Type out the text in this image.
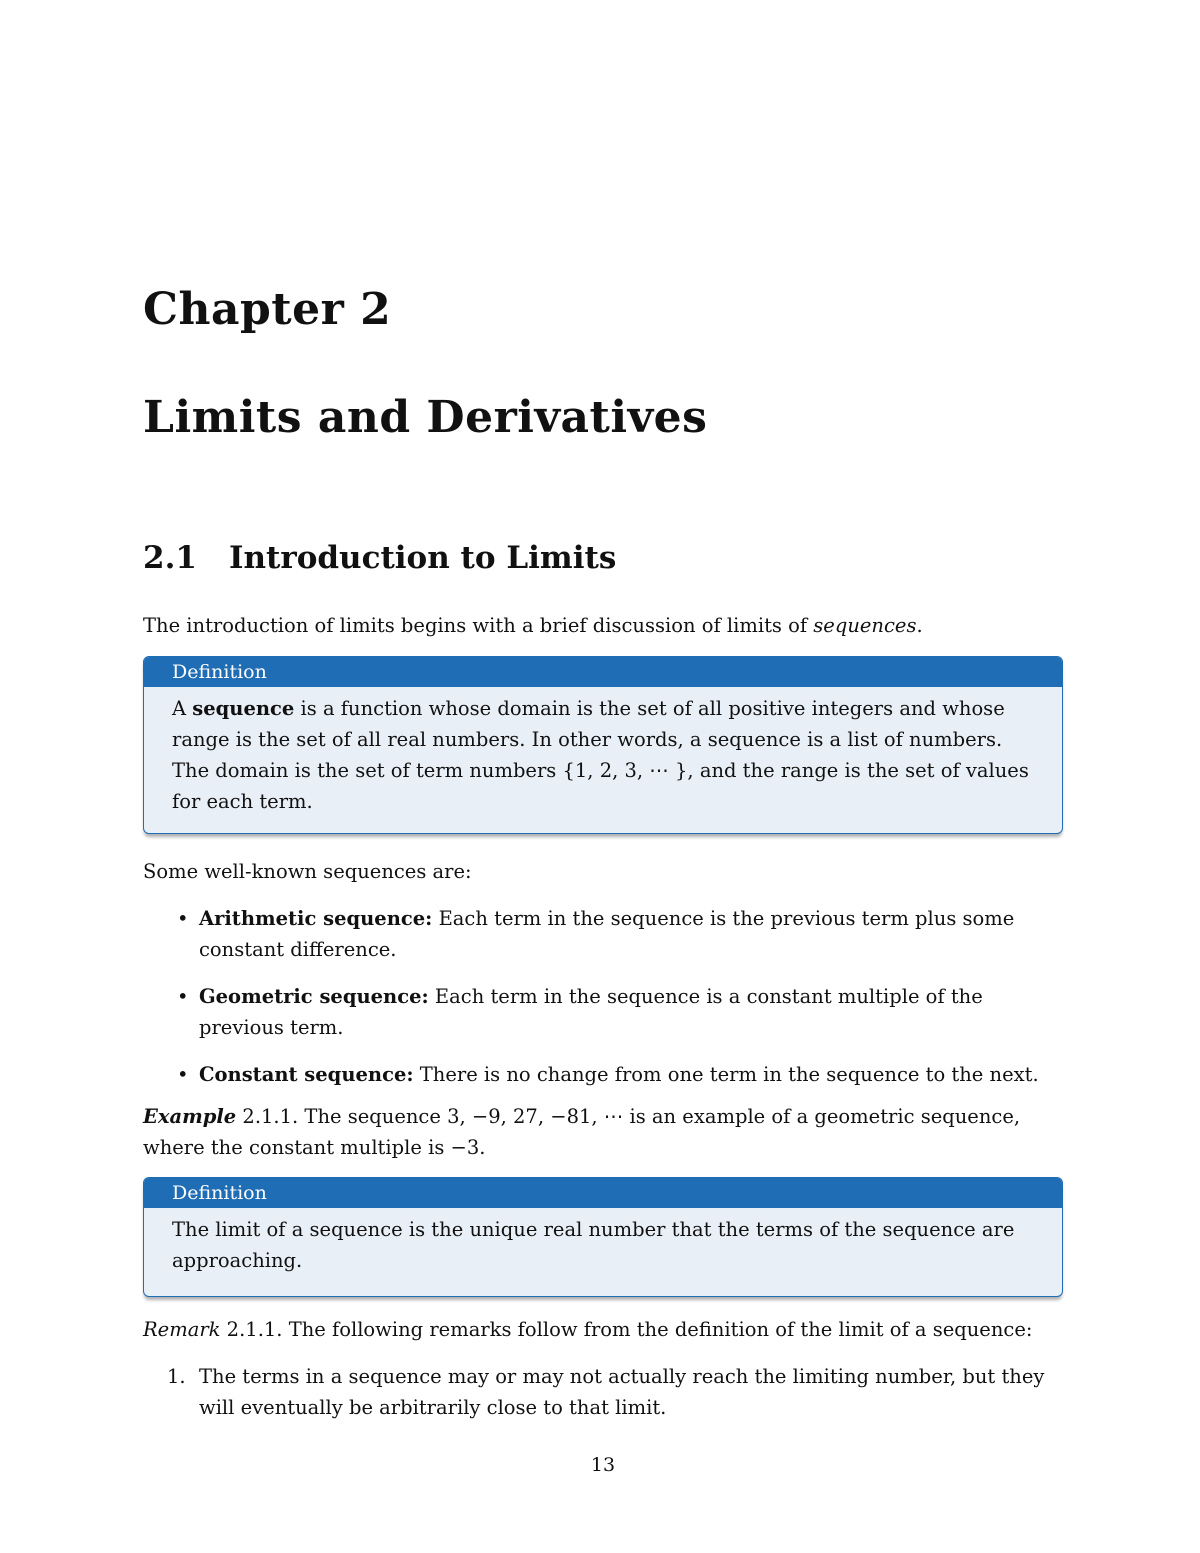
Chapter 2
Limits and Derivatives
2.1 Introduction to Limits
The introduction of limits begins with a brief discussion of limits of sequences.
Definition
A sequence is a function whose domain is the set of all positive integers and whose range is the set of all real numbers. In other words, a sequence is a list of numbers. The domain is the set of term numbers {1, 2, 3, ⋯ }, and the range is the set of values for each term.
Some well-known sequences are:
• Arithmetic sequence: Each term in the sequence is the previous term plus some constant difference.
• Geometric sequence: Each term in the sequence is a constant multiple of the previous term.
• Constant sequence: There is no change from one term in the sequence to the next.
Example 2.1.1. The sequence 3, −9, 27, −81, ⋯ is an example of a geometric sequence, where the constant multiple is −3.
Definition
The limit of a sequence is the unique real number that the terms of the sequence are approaching.
Remark 2.1.1. The following remarks follow from the definition of the limit of a sequence:
1. The terms in a sequence may or may not actually reach the limiting number, but they will eventually be arbitrarily close to that limit.
13
